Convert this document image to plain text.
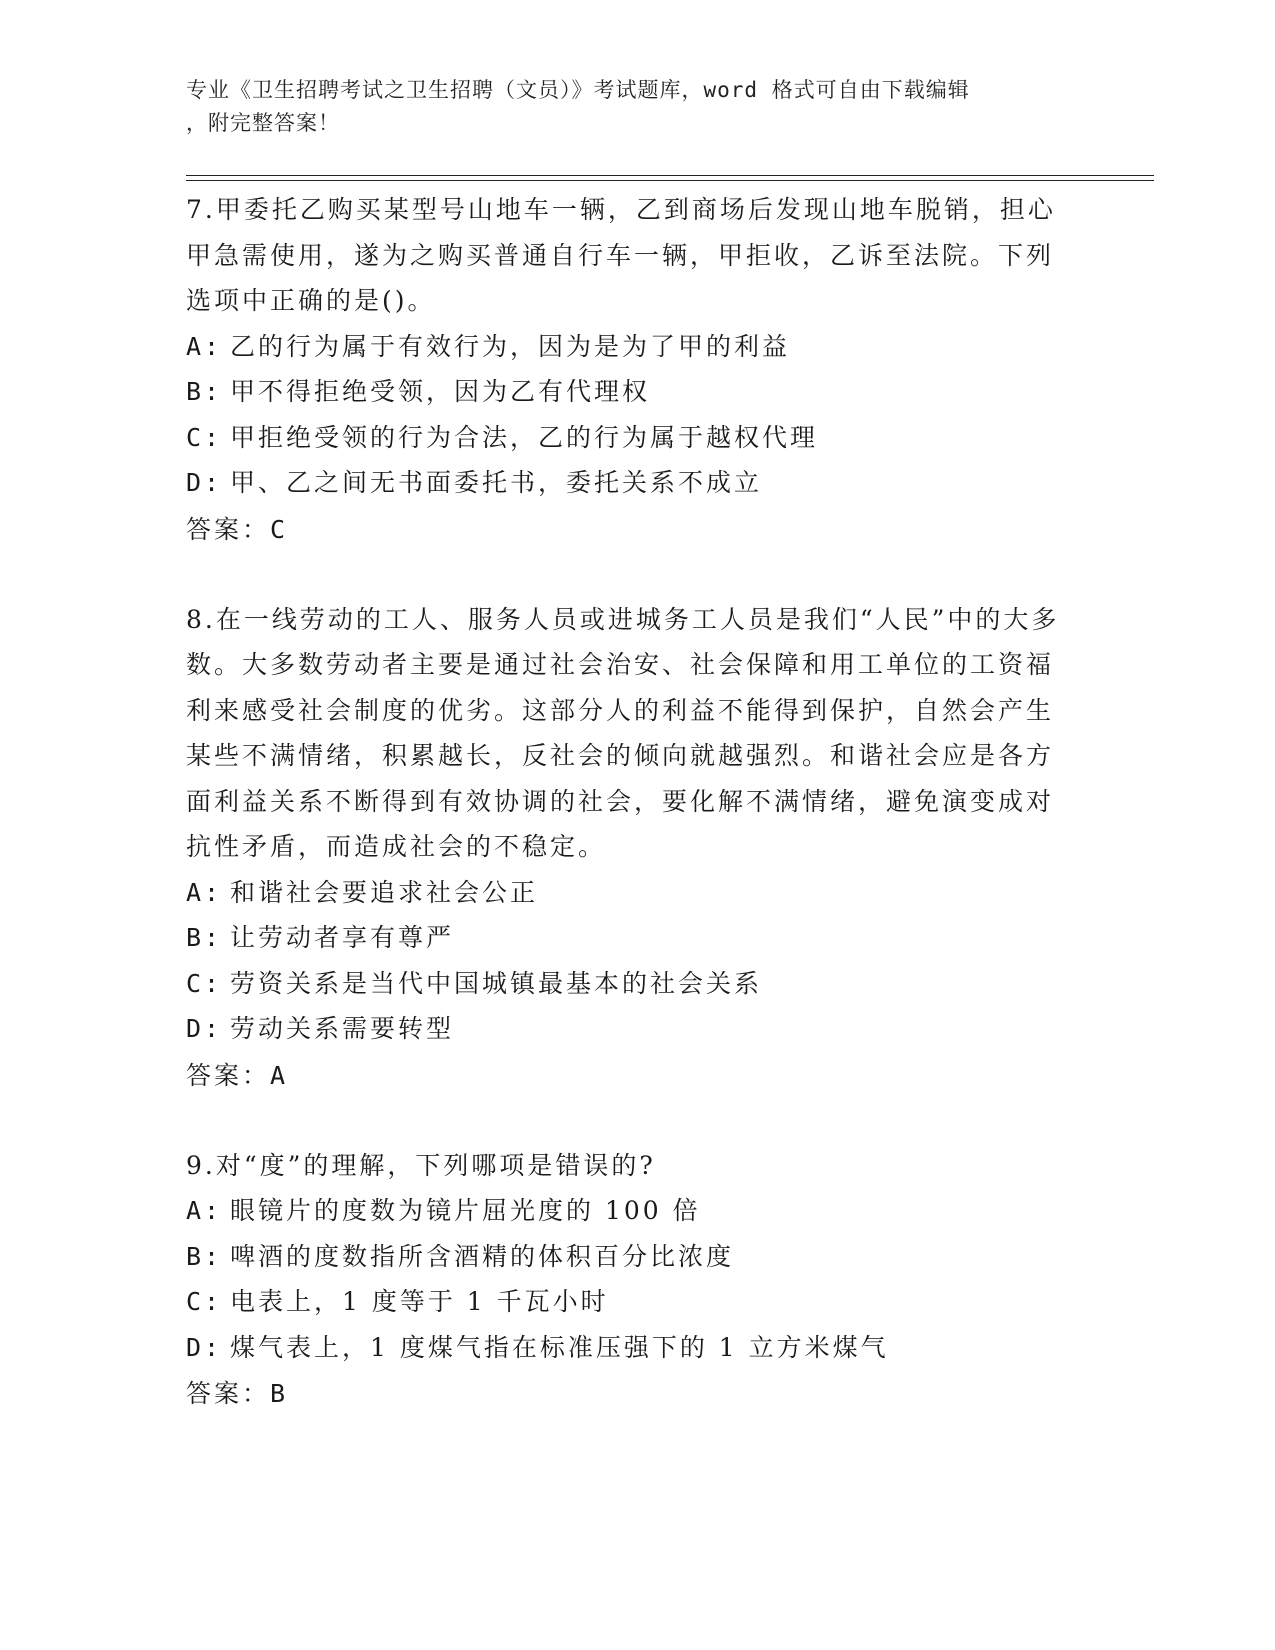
专业《卫生招聘考试之卫生招聘（文员）》考试题库，word 格式可自由下载编辑
，附完整答案！

7.甲委托乙购买某型号山地车一辆，乙到商场后发现山地车脱销，担心甲急需使用，遂为之购买普通自行车一辆，甲拒收，乙诉至法院。下列选项中正确的是()。

A: 乙的行为属于有效行为，因为是为了甲的利益

B: 甲不得拒绝受领，因为乙有代理权

C: 甲拒绝受领的行为合法，乙的行为属于越权代理

D: 甲、乙之间无书面委托书，委托关系不成立

答案：C

8.在一线劳动的工人、服务人员或进城务工人员是我们“人民”中的大多数。大多数劳动者主要是通过社会治安、社会保障和用工单位的工资福利来感受社会制度的优劣。这部分人的利益不能得到保护，自然会产生某些不满情绪，积累越长，反社会的倾向就越强烈。和谐社会应是各方面利益关系不断得到有效协调的社会，要化解不满情绪，避免演变成对抗性矛盾，而造成社会的不稳定。

A: 和谐社会要追求社会公正

B: 让劳动者享有尊严

C: 劳资关系是当代中国城镇最基本的社会关系

D: 劳动关系需要转型

答案：A

9.对“度”的理解，下列哪项是错误的?

A: 眼镜片的度数为镜片屈光度的 100 倍

B: 啤酒的度数指所含酒精的体积百分比浓度

C: 电表上，1 度等于 1 千瓦小时

D: 煤气表上，1 度煤气指在标准压强下的 1 立方米煤气

答案：B
